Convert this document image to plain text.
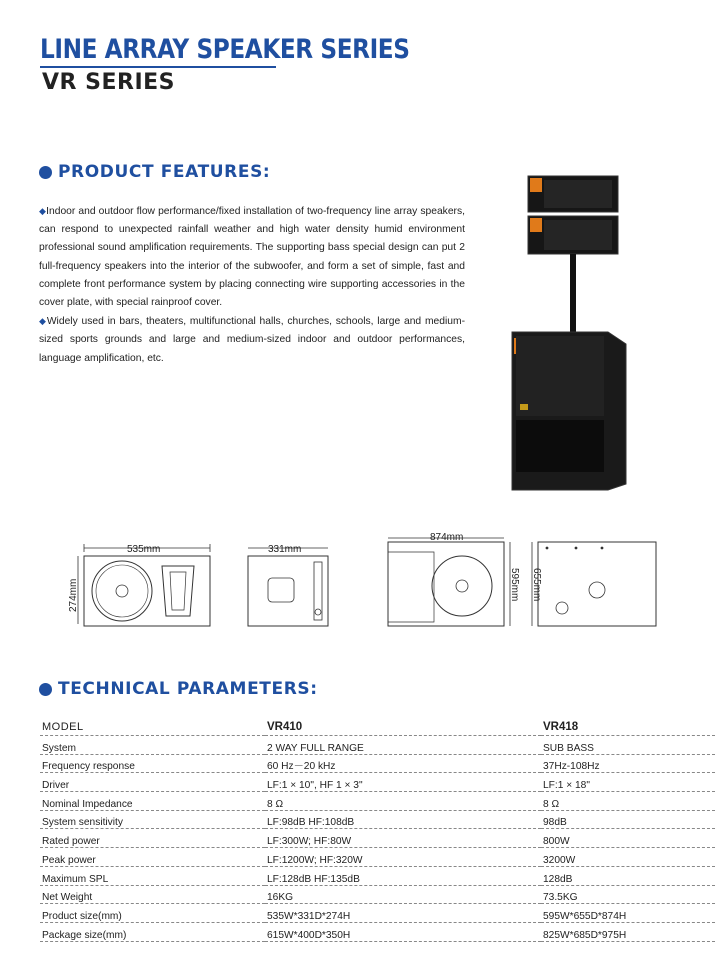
LINE ARRAY SPEAKER SERIES
VR SERIES
PRODUCT FEATURES:

◆Indoor and outdoor flow performance/fixed installation of two-frequency line array speakers, can respond to unexpected rainfall weather and high water density humid environment professional sound amplification requirements. The supporting bass special design can put 2 full-frequency speakers into the interior of the subwoofer, and form a set of simple, fast and complete front performance system by placing connecting wire supporting accessories in the cover plate, with special rainproof cover.

◆Widely used in bars, theaters, multifunctional halls, churches, schools, large and medium-sized sports grounds and large and medium-sized indoor and outdoor performances, language amplification, etc.

535mm
274mm
331mm
874mm
595mm 655mm
TECHNICAL PARAMETERS:
MODEL	VR410	VR418
System	2 WAY FULL RANGE	SUB BASS
Frequency response	60 Hz－20 kHz	37Hz-108Hz
Driver	LF:1 × 10", HF 1 × 3"	LF:1 × 18"
Nominal Impedance	8 Ω	8 Ω
System sensitivity	LF:98dB HF:108dB	98dB
Rated power	LF:300W; HF:80W	800W
Peak power	LF:1200W; HF:320W	3200W
Maximum SPL	LF:128dB HF:135dB	128dB
Net Weight	16KG	73.5KG
Product size(mm)	535W*331D*274H	595W*655D*874H
Package size(mm)	615W*400D*350H	825W*685D*975H
